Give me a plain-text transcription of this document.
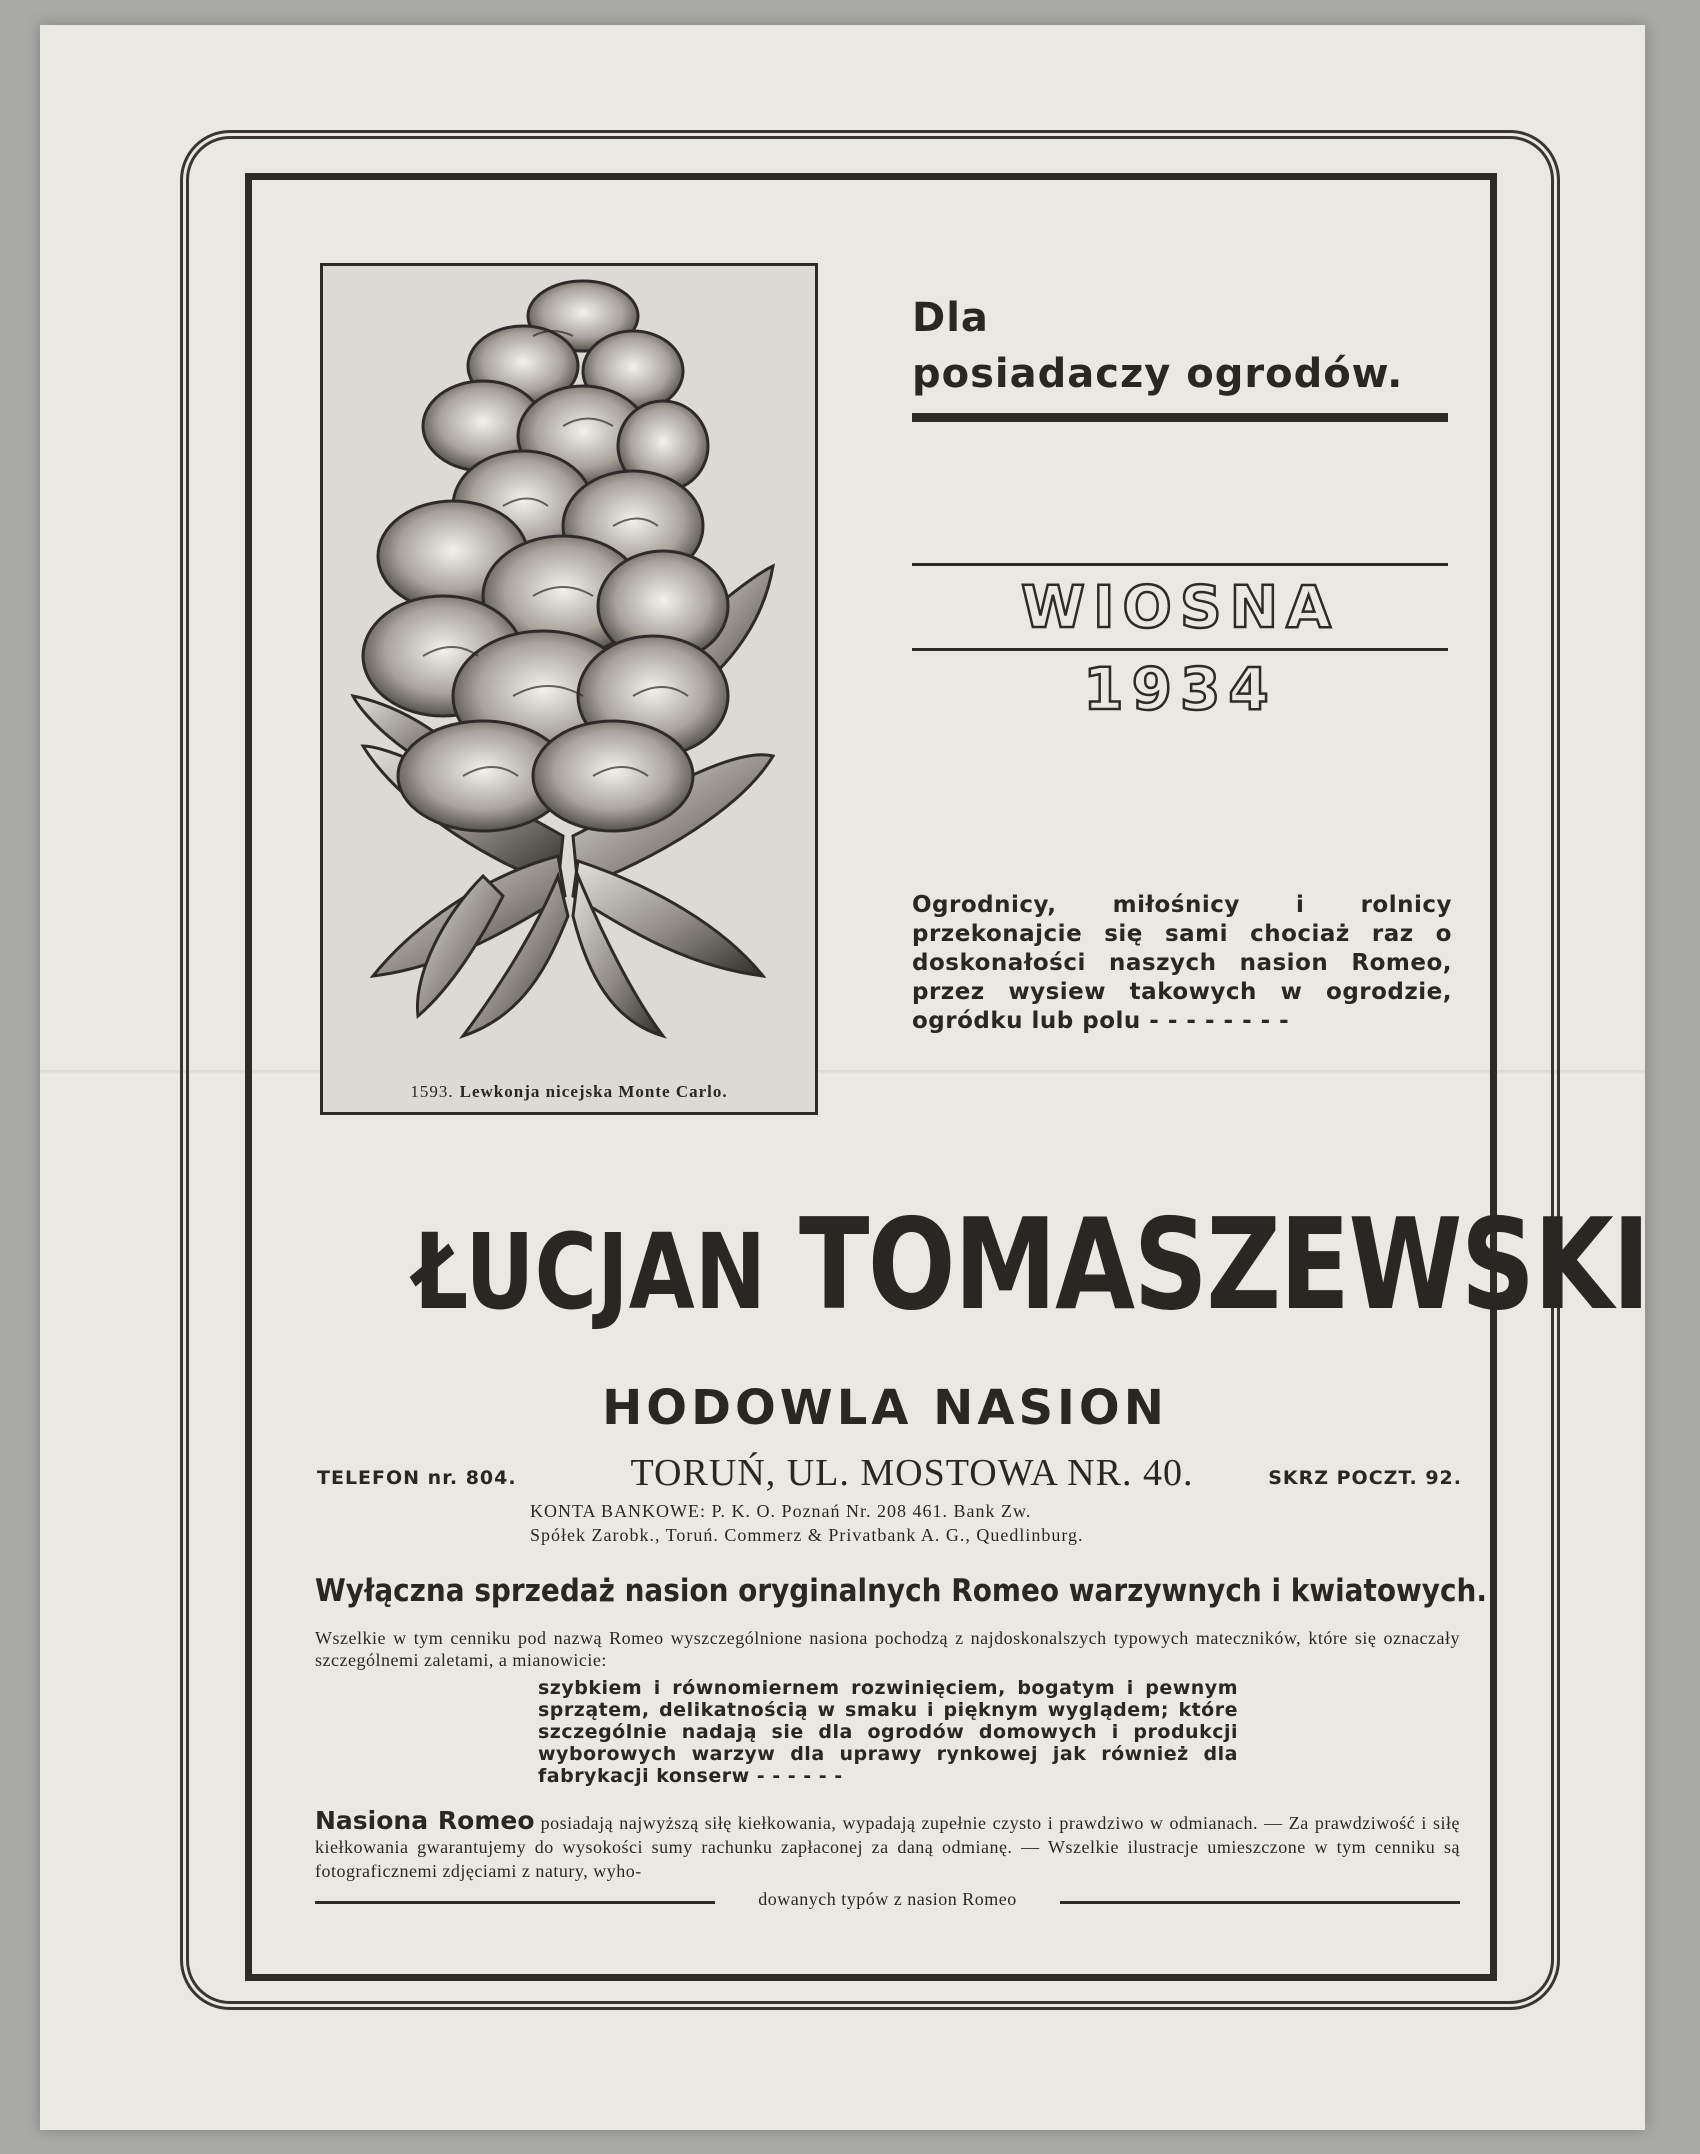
1593. Lewkonja nicejska Monte Carlo.
Dla
posiadaczy ogrodów.
WIOSNA 1934
Ogrodnicy, miłośnicy i rolnicy przekonajcie się sami chociaż raz o doskonałości naszych nasion Romeo, przez wysiew takowych w ogrodzie, ogródku lub polu - - - - - - - -
ŁUCJAN TOMASZEWSKI
HODOWLA NASION
TELEFON nr. 804.	TORUŃ, UL. MOSTOWA NR. 40.	SKRZ POCZT. 92.
KONTA BANKOWE: P. K. O. Poznań Nr. 208 461. Bank Zw.
Spółek Zarobk., Toruń. Commerz & Privatbank A. G., Quedlinburg.
Wyłączna sprzedaż nasion oryginalnych Romeo warzywnych i kwiatowych.
Wszelkie w tym cenniku pod nazwą Romeo wyszczególnione nasiona pochodzą z najdoskonalszych typowych mateczników, które się oznaczały szczególnemi zaletami, a mianowicie:
szybkiem i równomiernem rozwinięciem, bogatym i pewnym sprzątem, delikatnością w smaku i pięknym wyglądem; które szczególnie nadają sie dla ogrodów domowych i produkcji wyborowych warzyw dla uprawy rynkowej jak również dla fabrykacji konserw - - - - - -
Nasiona Romeo posiadają najwyższą siłę kiełkowania, wypadają zupełnie czysto i prawdziwo w odmianach. — Za prawdziwość i siłę kiełkowania gwarantujemy do wysokości sumy rachunku zapłaconej za daną odmianę. — Wszelkie ilustracje umieszczone w tym cenniku są fotograficznemi zdjęciami z natury, wyho-
dowanych typów z nasion Romeo
